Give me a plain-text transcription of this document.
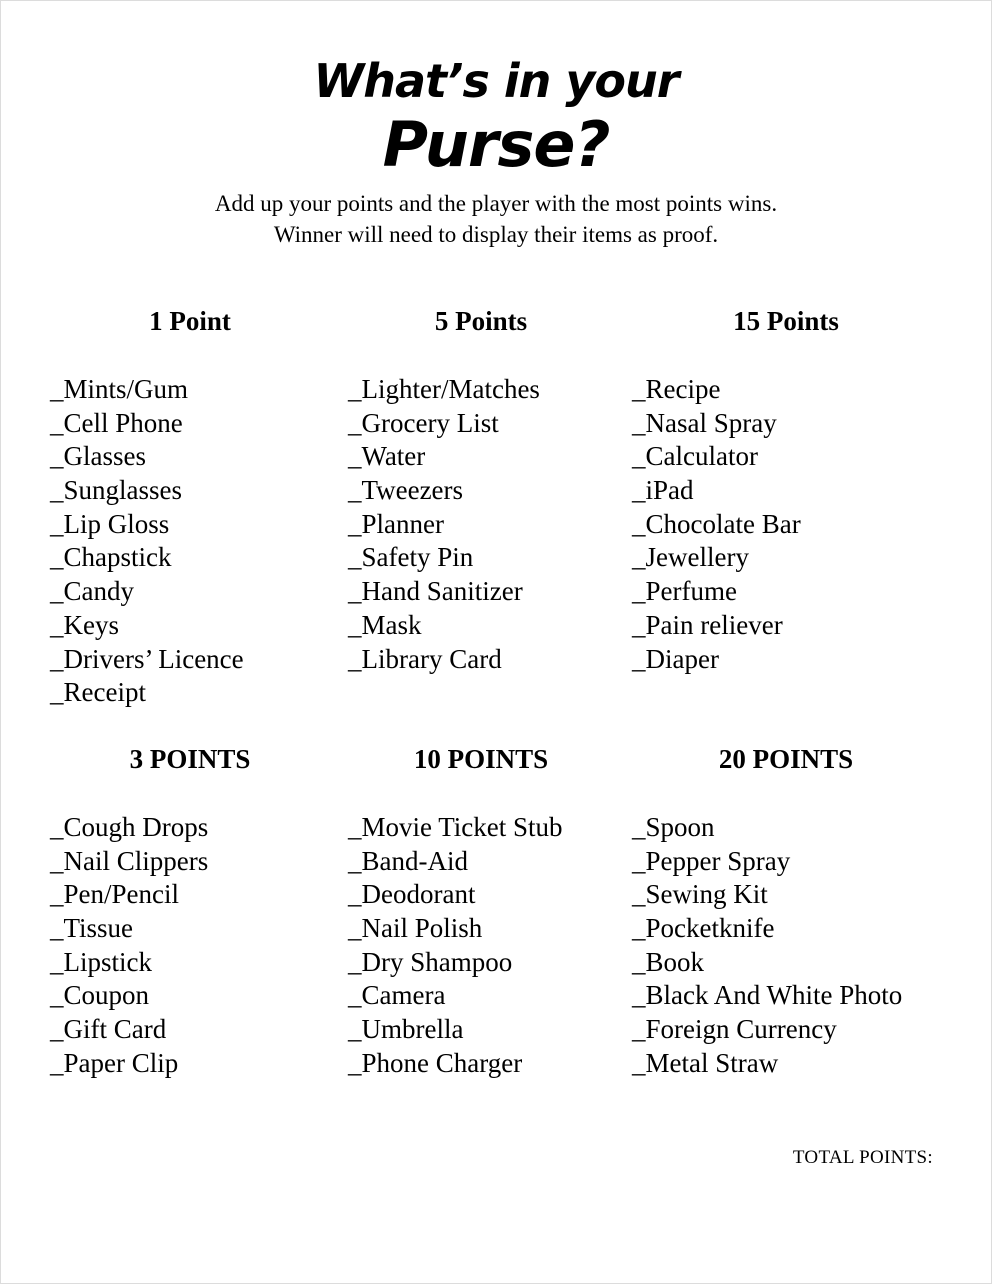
What’s in your
Purse?
Add up your points and the player with the most points wins.
Winner will need to display their items as proof.
1 Point
_Mints/Gum
_Cell Phone
_Glasses
_Sunglasses
_Lip Gloss
_Chapstick
_Candy
_Keys
_Drivers’ Licence
_Receipt
5 Points
_Lighter/Matches
_Grocery List
_Water
_Tweezers
_Planner
_Safety Pin
_Hand Sanitizer
_Mask
_Library Card
15 Points
_Recipe
_Nasal Spray
_Calculator
_iPad
_Chocolate Bar
_Jewellery
_Perfume
_Pain reliever
_Diaper
3 POINTS
_Cough Drops
_Nail Clippers
_Pen/Pencil
_Tissue
_Lipstick
_Coupon
_Gift Card
_Paper Clip
10 POINTS
_Movie Ticket Stub
_Band-Aid
_Deodorant
_Nail Polish
_Dry Shampoo
_Camera
_Umbrella
_Phone Charger
20 POINTS
_Spoon
_Pepper Spray
_Sewing Kit
_Pocketknife
_Book
_Black And White Photo
_Foreign Currency
_Metal Straw
TOTAL POINTS:
